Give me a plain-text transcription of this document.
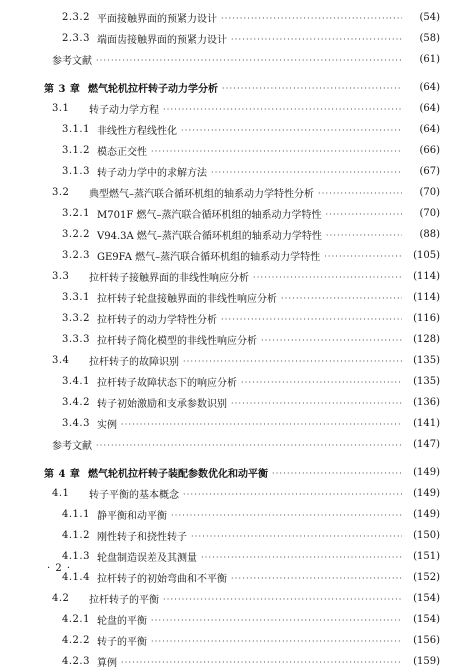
2.3.2 平面接触界面的预紧力设计 ·····	(54)
2.3.3 端面齿接触界面的预紧力设计 ·····	(58)
参考文献 ·····	(61)
第 3 章 燃气轮机拉杆转子动力学分析 ·····	(64)
3.1	转子动力学方程 ·····	(64)
3.1.1 非线性方程线性化 ·····	(64)
3.1.2 模态正交性 ·····	(66)
3.1.3 转子动力学中的求解方法 ·····	(67)
3.2	典型燃气–蒸汽联合循环机组的轴系动力学特性分析 ·····	(70)
3.2.1 M701F 燃气–蒸汽联合循环机组的轴系动力学特性 ·····	(70)
3.2.2 V94.3A 燃气–蒸汽联合循环机组的轴系动力学特性 ·····	(88)
3.2.3 GE9FA 燃气–蒸汽联合循环机组的轴系动力学特性 ·····	(105)
3.3	拉杆转子接触界面的非线性响应分析 ·····	(114)
3.3.1 拉杆转子轮盘接触界面的非线性响应分析 ·····	(114)
3.3.2 拉杆转子的动力学特性分析 ·····	(116)
3.3.3 拉杆转子简化模型的非线性响应分析 ·····	(128)
3.4	拉杆转子的故障识别 ·····	(135)
3.4.1 拉杆转子故障状态下的响应分析 ·····	(135)
3.4.2 转子初始激励和支承参数识别 ·····	(136)
3.4.3 实例 ·····	(141)
参考文献 ·····	(147)
第 4 章 燃气轮机拉杆转子装配参数优化和动平衡 ·····	(149)
4.1	转子平衡的基本概念 ·····	(149)
4.1.1 静平衡和动平衡 ·····	(149)
4.1.2 刚性转子和挠性转子 ·····	(150)
4.1.3 轮盘制造误差及其测量 ·····	(151)
4.1.4 拉杆转子的初始弯曲和不平衡 ·····	(152)
4.2	拉杆转子的平衡 ·····	(154)
4.2.1 轮盘的平衡 ·····	(154)
4.2.2 转子的平衡 ·····	(156)
4.2.3 算例 ·····	(159)
· 2 ·
